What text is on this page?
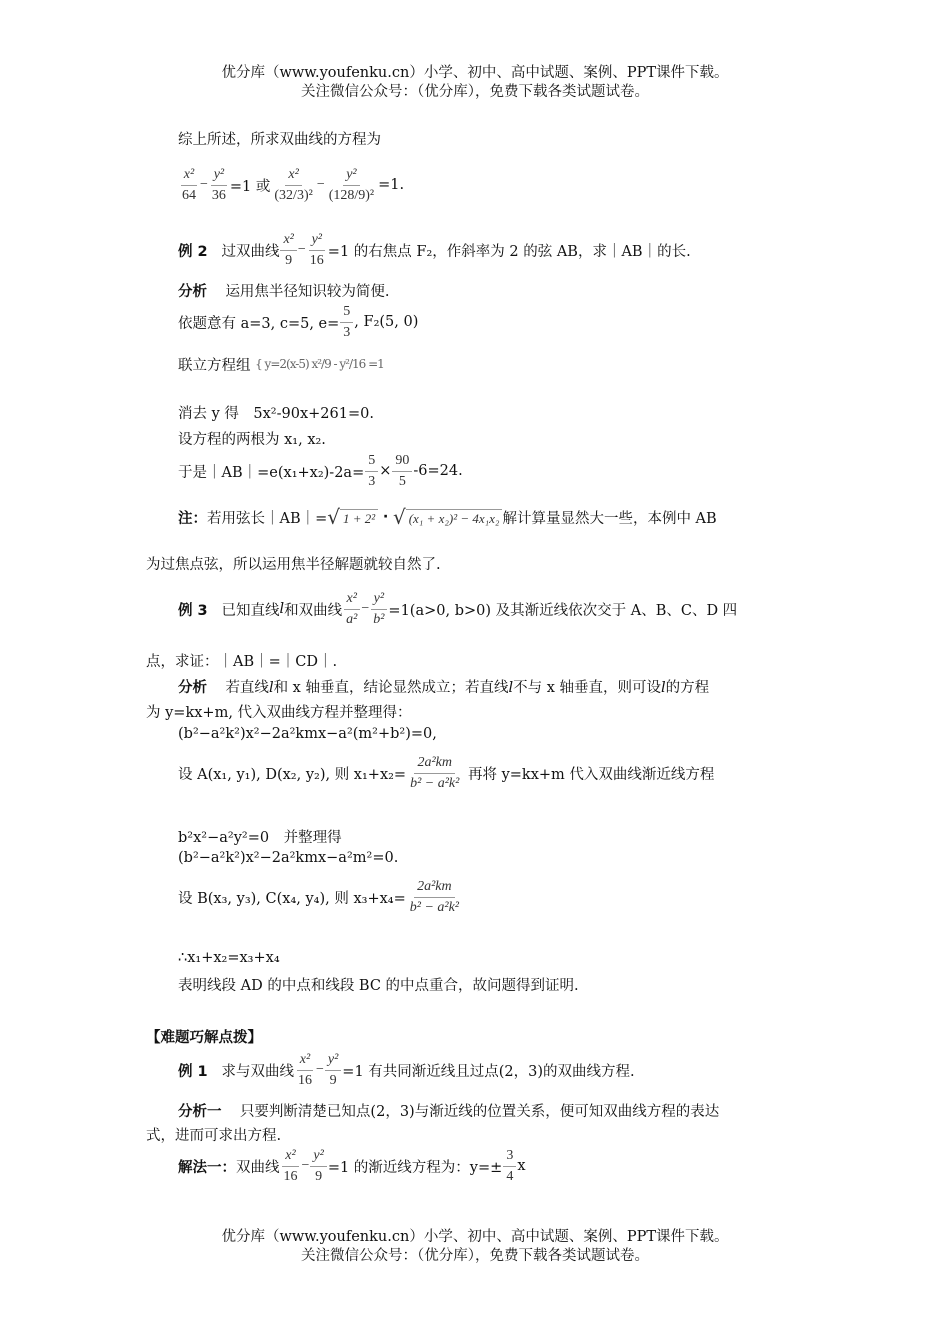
优分库（www.youfenku.cn）小学、初中、高中试题、案例、PPT课件下载。
关注微信公众号：（优分库），免费下载各类试题试卷。
综上所述，所求双曲线的方程为
$\frac{\text{x²}}{64} - \frac{\text{y²}}{36} =1$ 或 $\frac{\text{x²}}{\text{(32/3)²}} - \frac{\text{y²}}{\text{(128/9)²}} =1$.
例 2
过双曲线 $\frac{\text{x²}}{9} - \frac{\text{y²}}{16} =1$ 的右焦点 F₂，作斜率为 2 的弦 AB，求｜AB｜的长.
分析 运用焦半径知识较为简便.
依题意有 a=3, c=5, $e= \frac{5}{3}$ , F₂(5, 0)
联立方程组 { y=2(x-5) x²/9 - y²/16 =1
消去 y 得　5x²-90x+261=0.
设方程的两根为 x₁, x₂.
于是｜AB｜=e(x₁+x₂)-2a= $\frac{5}{3} \times \frac{90}{5} -6=24$.
注： 若用弦长｜AB｜= √ 1 + 2²
·
√ (x₁ + x₂)² − 4x₁x₂ 解计算量显然大一些，本例中 AB
为过焦点弦，所以运用焦半径解题就较自然了.
例 3
已知直线 l 和双曲线 $\frac{\text{x²}}{\text{a²}} - \frac{\text{y²}}{\text{b²}} =1(a>0$, b>0) 及其渐近线依次交于 A、B、C、D 四
点，求证：｜AB｜=｜CD｜.
分析 若直线l和 x 轴垂直，结论显然成立；若直线l不与 x 轴垂直，则可设l的方程
为 y=kx+m, 代入双曲线方程并整理得：
(b²−a²k²)x²−2a²kmx−a²(m²+b²)=0,
设 A(x₁, y₁), D(x₂, y₂), 则 $x_1+x_2= \frac{\text{2a²km}}{\text{b² − a²k²}}$
再将 y=kx+m 代入双曲线渐近线方程
b²x²−a²y²=0　并整理得
(b²−a²k²)x²−2a²kmx−a²m²=0.
设 B(x₃, y₃), C(x₄, y₄), 则 $x_3+x_4= \frac{\text{2a²km}}{\text{b² − a²k²}}$
∴x₁+x₂=x₃+x₄
表明线段 AD 的中点和线段 BC 的中点重合，故问题得到证明.
【难题巧解点拨】
例 1
求与双曲线 $\frac{\text{x²}}{16} - \frac{\text{y²}}{9} =1$ 有共同渐近线且过点(2，3)的双曲线方程.
分析一 只要判断清楚已知点(2，3)与渐近线的位置关系，便可知双曲线方程的表达
式，进而可求出方程.
解法一： 双曲线 $\frac{\text{x²}}{16} - \frac{\text{y²}}{9} =1$ 的渐近线方程为：$y=\pm \frac{3}{4}$ x
优分库（www.youfenku.cn）小学、初中、高中试题、案例、PPT课件下载。
关注微信公众号：（优分库），免费下载各类试题试卷。
